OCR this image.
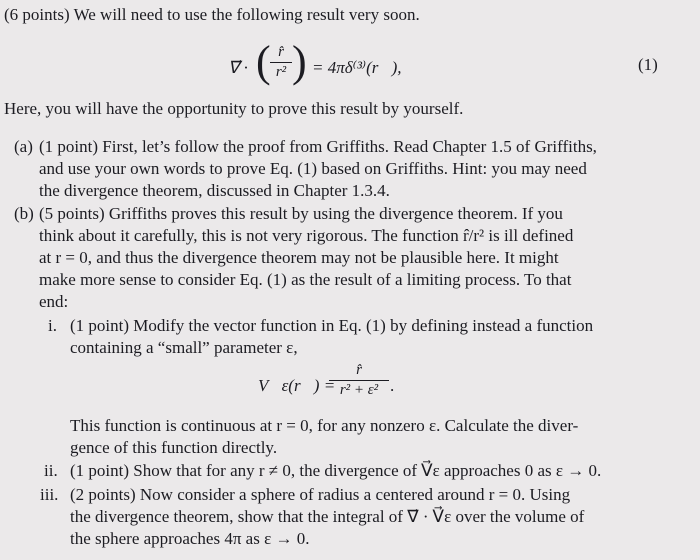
(6 points) We will need to use the following result very soon.
∇⃗ · ( r̂
r² ) = 4πδ⁽³⁾(r⃗),	(1)
Here, you will have the opportunity to prove this result by yourself.
(a) (1 point) First, let’s follow the proof from Griffiths. Read Chapter 1.5 of Griffiths,
and use your own words to prove Eq. (1) based on Griffiths. Hint: you may need
the divergence theorem, discussed in Chapter 1.3.4.
(b) (5 points) Griffiths proves this result by using the divergence theorem. If you
think about it carefully, this is not very rigorous. The function r̂/r² is ill defined
at r = 0, and thus the divergence theorem may not be plausible here. It might
make more sense to consider Eq. (1) as the result of a limiting process. To that
end:
i. (1 point) Modify the vector function in Eq. (1) by defining instead a function
containing a “small” parameter ε,
V⃗ε(r⃗) =
r̂
r² + ε² .
This function is continuous at r = 0, for any nonzero ε. Calculate the diver-
gence of this function directly.
ii. (1 point) Show that for any r ≠ 0, the divergence of V⃗ε approaches 0 as ε → 0.
iii. (2 points) Now consider a sphere of radius a centered around r = 0. Using
the divergence theorem, show that the integral of ∇⃗ · V⃗ε over the volume of
the sphere approaches 4π as ε → 0.
